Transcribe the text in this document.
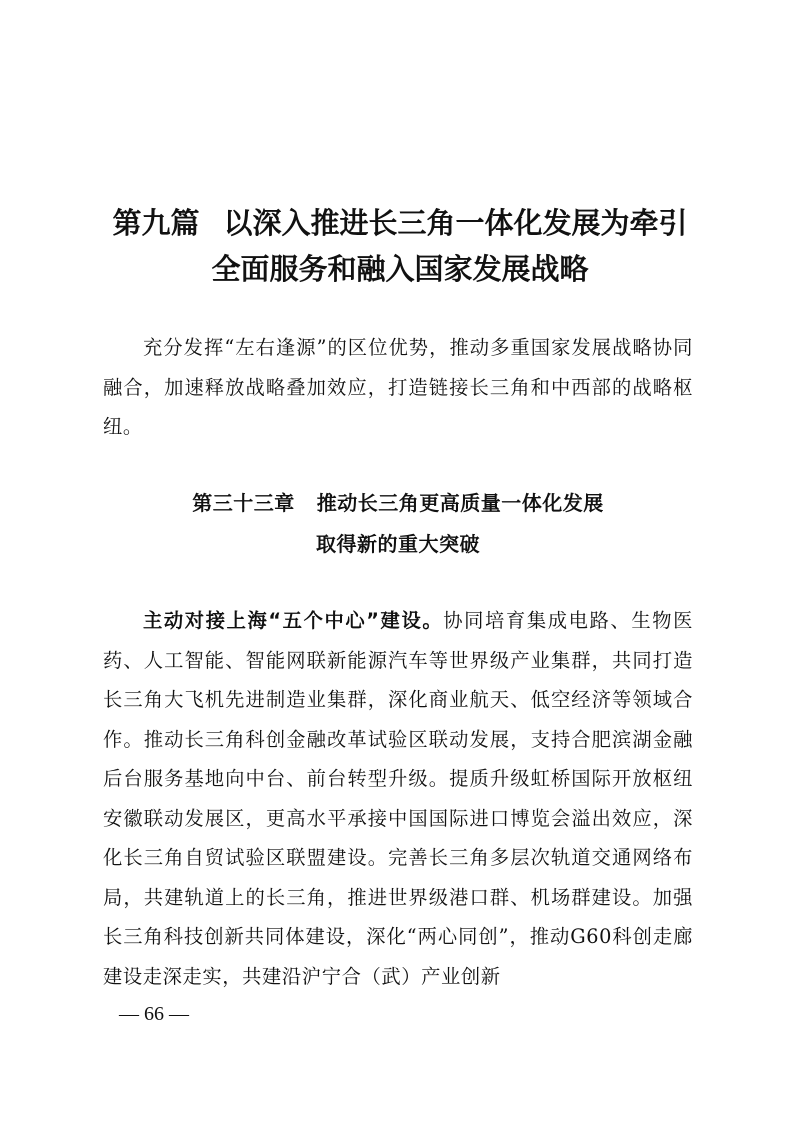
第九篇 以深入推进长三角一体化发展为牵引
全面服务和融入国家发展战略

充分发挥“左右逢源”的区位优势，推动多重国家发展战略协同融合，加速释放战略叠加效应，打造链接长三角和中西部的战略枢纽。

第三十三章 推动长三角更高质量一体化发展
取得新的重大突破

主动对接上海“五个中心”建设。协同培育集成电路、生物医药、人工智能、智能网联新能源汽车等世界级产业集群，共同打造长三角大飞机先进制造业集群，深化商业航天、低空经济等领域合作。推动长三角科创金融改革试验区联动发展，支持合肥滨湖金融后台服务基地向中台、前台转型升级。提质升级虹桥国际开放枢纽安徽联动发展区，更高水平承接中国国际进口博览会溢出效应，深化长三角自贸试验区联盟建设。完善长三角多层次轨道交通网络布局，共建轨道上的长三角，推进世界级港口群、机场群建设。加强长三角科技创新共同体建设，深化“两心同创”，推动G60科创走廊建设走深走实，共建沿沪宁合（武）产业创新

— 66 —
